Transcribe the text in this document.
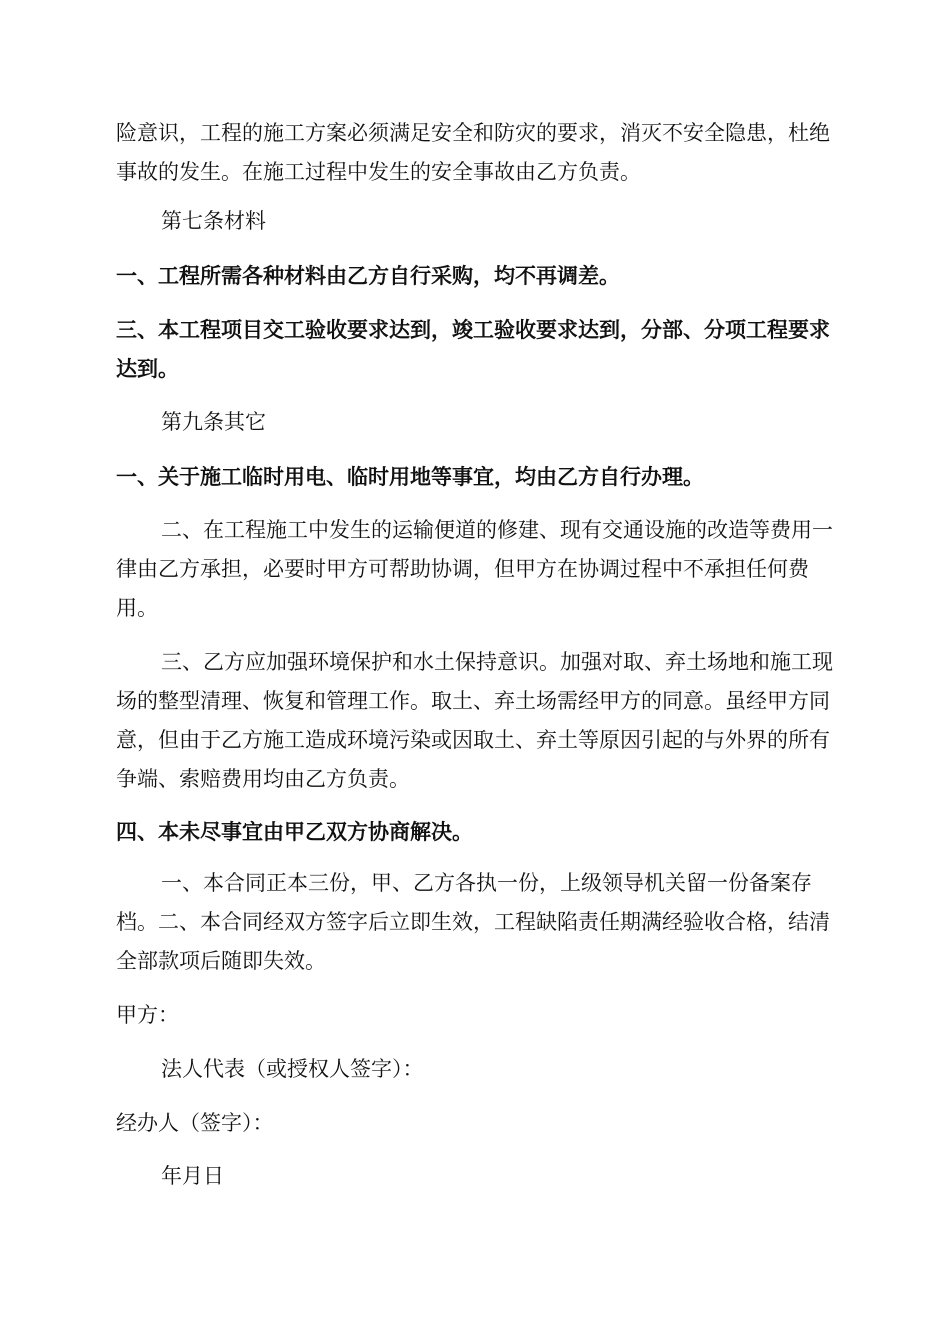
险意识，工程的施工方案必须满足安全和防灾的要求，消灭不安全隐患，杜绝事故的发生。在施工过程中发生的安全事故由乙方负责。

第七条材料

一、工程所需各种材料由乙方自行采购，均不再调差。

三、本工程项目交工验收要求达到，竣工验收要求达到，分部、分项工程要求达到。

第九条其它

一、关于施工临时用电、临时用地等事宜，均由乙方自行办理。

二、在工程施工中发生的运输便道的修建、现有交通设施的改造等费用一律由乙方承担，必要时甲方可帮助协调，但甲方在协调过程中不承担任何费用。

三、乙方应加强环境保护和水土保持意识。加强对取、弃土场地和施工现场的整型清理、恢复和管理工作。取土、弃土场需经甲方的同意。虽经甲方同意，但由于乙方施工造成环境污染或因取土、弃土等原因引起的与外界的所有争端、索赔费用均由乙方负责。

四、本未尽事宜由甲乙双方协商解决。

一、本合同正本三份，甲、乙方各执一份，上级领导机关留一份备案存档。二、本合同经双方签字后立即生效，工程缺陷责任期满经验收合格，结清全部款项后随即失效。

甲方：

法人代表（或授权人签字）：

经办人（签字）：

年月日
